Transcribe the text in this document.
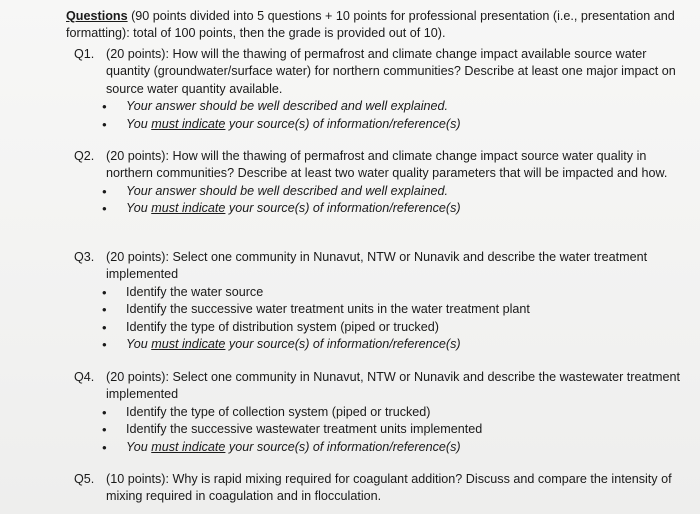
Questions (90 points divided into 5 questions + 10 points for professional presentation (i.e., presentation and
formatting): total of 100 points, then the grade is provided out of 10).
Q1. (20 points): How will the thawing of permafrost and climate change impact available source water quantity (groundwater/surface water) for northern communities? Describe at least one major impact on source water quantity available.
• Your answer should be well described and well explained.
• You must indicate your source(s) of information/reference(s)
Q2. (20 points): How will the thawing of permafrost and climate change impact source water quality in northern communities? Describe at least two water quality parameters that will be impacted and how.
• Your answer should be well described and well explained.
• You must indicate your source(s) of information/reference(s)
Q3. (20 points): Select one community in Nunavut, NTW or Nunavik and describe the water treatment implemented
• Identify the water source
• Identify the successive water treatment units in the water treatment plant
• Identify the type of distribution system (piped or trucked)
• You must indicate your source(s) of information/reference(s)
Q4. (20 points): Select one community in Nunavut, NTW or Nunavik and describe the wastewater treatment implemented
• Identify the type of collection system (piped or trucked)
• Identify the successive wastewater treatment units implemented
• You must indicate your source(s) of information/reference(s)
Q5. (10 points): Why is rapid mixing required for coagulant addition? Discuss and compare the intensity of mixing required in coagulation and in flocculation.
